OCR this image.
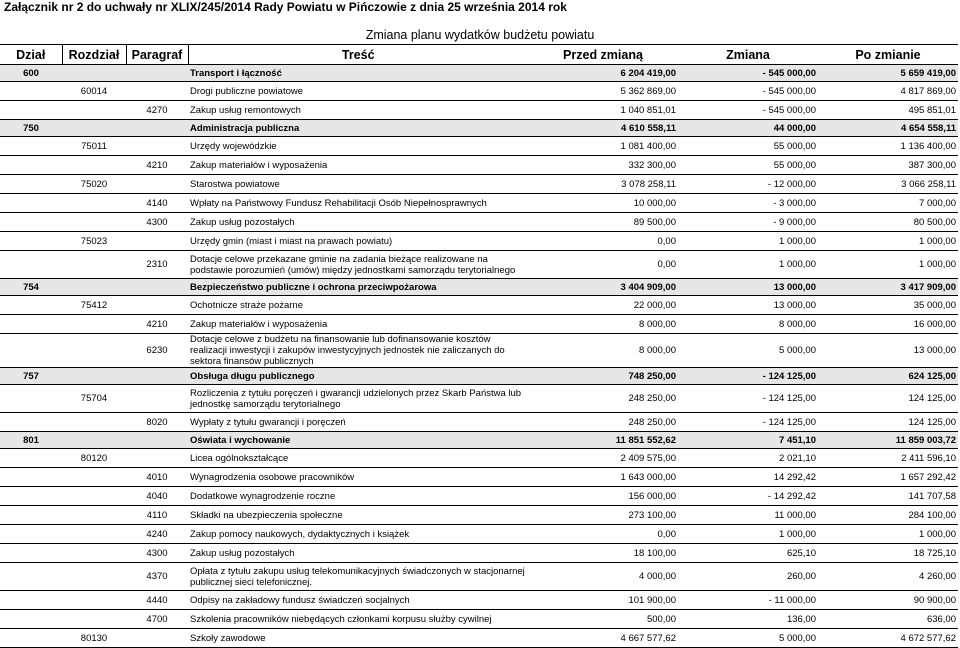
Załącznik nr 2 do uchwały nr XLIX/245/2014 Rady Powiatu w Pińczowie z dnia 25 września 2014 rok
Zmiana planu wydatków budżetu powiatu
Dział	Rozdział	Paragraf	Treść	Przed zmianą	Zmiana	Po zmianie
600			Transport i łączność	6 204 419,00	- 545 000,00	5 659 419,00
	60014		Drogi publiczne powiatowe	5 362 869,00	- 545 000,00	4 817 869,00
		4270	Zakup usług remontowych	1 040 851,01	- 545 000,00	495 851,01
750			Administracja publiczna	4 610 558,11	44 000,00	4 654 558,11
	75011		Urzędy wojewódzkie	1 081 400,00	55 000,00	1 136 400,00
		4210	Zakup materiałów i wyposażenia	332 300,00	55 000,00	387 300,00
	75020		Starostwa powiatowe	3 078 258,11	- 12 000,00	3 066 258,11
		4140	Wpłaty na Państwowy Fundusz Rehabilitacji Osób Niepełnosprawnych	10 000,00	- 3 000,00	7 000,00
		4300	Zakup usług pozostałych	89 500,00	- 9 000,00	80 500,00
	75023		Urzędy gmin (miast i miast na prawach powiatu)	0,00	1 000,00	1 000,00
		2310	Dotacje celowe przekazane gminie na zadania bieżące realizowane na podstawie porozumień (umów) między jednostkami samorządu terytorialnego	0,00	1 000,00	1 000,00
754			Bezpieczeństwo publiczne i ochrona przeciwpożarowa	3 404 909,00	13 000,00	3 417 909,00
	75412		Ochotnicze straże pożarne	22 000,00	13 000,00	35 000,00
		4210	Zakup materiałów i wyposażenia	8 000,00	8 000,00	16 000,00
		6230	Dotacje celowe z budżetu na finansowanie lub dofinansowanie kosztów realizacji inwestycji i zakupów inwestycyjnych jednostek nie zaliczanych do sektora finansów publicznych	8 000,00	5 000,00	13 000,00
757			Obsługa długu publicznego	748 250,00	- 124 125,00	624 125,00
	75704		Rozliczenia z tytułu poręczeń i gwarancji udzielonych przez Skarb Państwa lub jednostkę samorządu terytorialnego	248 250,00	- 124 125,00	124 125,00
		8020	Wypłaty z tytułu gwarancji i poręczeń	248 250,00	- 124 125,00	124 125,00
801			Oświata i wychowanie	11 851 552,62	7 451,10	11 859 003,72
	80120		Licea ogólnokształcące	2 409 575,00	2 021,10	2 411 596,10
		4010	Wynagrodzenia osobowe pracowników	1 643 000,00	14 292,42	1 657 292,42
		4040	Dodatkowe wynagrodzenie roczne	156 000,00	- 14 292,42	141 707,58
		4110	Składki na ubezpieczenia społeczne	273 100,00	11 000,00	284 100,00
		4240	Zakup pomocy naukowych, dydaktycznych i książek	0,00	1 000,00	1 000,00
		4300	Zakup usług pozostałych	18 100,00	625,10	18 725,10
		4370	Opłata z tytułu zakupu usług telekomunikacyjnych świadczonych w stacjonarnej publicznej sieci telefonicznej.	4 000,00	260,00	4 260,00
		4440	Odpisy na zakładowy fundusz świadczeń socjalnych	101 900,00	- 11 000,00	90 900,00
		4700	Szkolenia pracowników niebędących członkami korpusu służby cywilnej	500,00	136,00	636,00
	80130		Szkoły zawodowe	4 667 577,62	5 000,00	4 672 577,62
